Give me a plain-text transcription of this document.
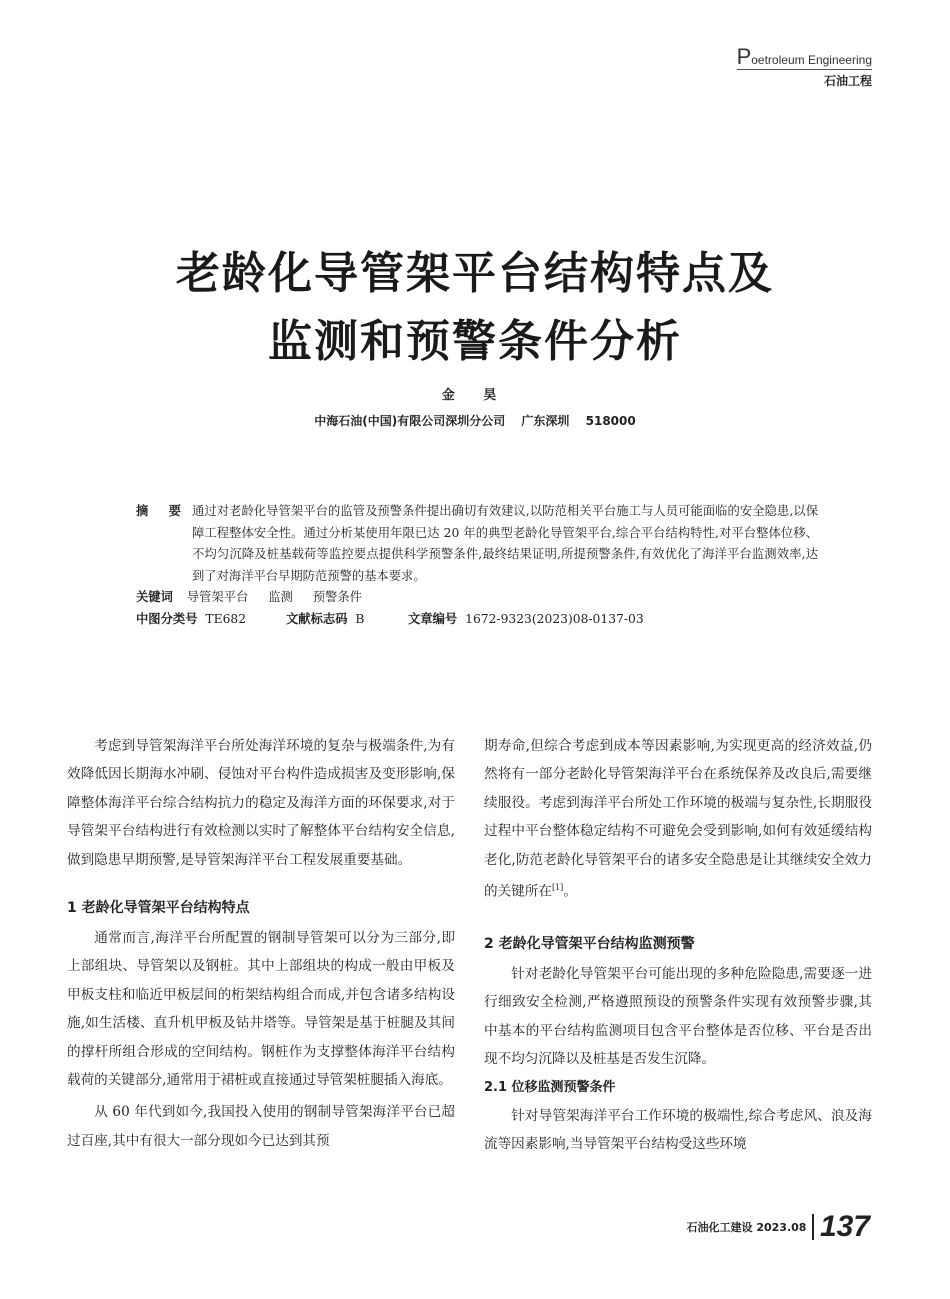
Poetroleum Engineering
石油工程
老龄化导管架平台结构特点及
监测和预警条件分析
金 昊
中海石油(中国)有限公司深圳分公司 广东深圳 518000
摘 要 通过对老龄化导管架平台的监管及预警条件提出确切有效建议,以防范相关平台施工与人员可能面临的安全隐患,以保障工程整体安全性。通过分析某使用年限已达 20 年的典型老龄化导管架平台,综合平台结构特性,对平台整体位移、不均匀沉降及桩基载荷等监控要点提供科学预警条件,最终结果证明,所提预警条件,有效优化了海洋平台监测效率,达到了对海洋平台早期防范预警的基本要求。
关键词 导管架平台 监测 预警条件
中图分类号 TE682	文献标志码 B	文章编号 1672-9323(2023)08-0137-03

考虑到导管架海洋平台所处海洋环境的复杂与极端条件,为有效降低因长期海水冲刷、侵蚀对平台构件造成损害及变形影响,保障整体海洋平台综合结构抗力的稳定及海洋方面的环保要求,对于导管架平台结构进行有效检测以实时了解整体平台结构安全信息,做到隐患早期预警,是导管架海洋平台工程发展重要基础。

1 老龄化导管架平台结构特点

通常而言,海洋平台所配置的钢制导管架可以分为三部分,即上部组块、导管架以及钢桩。其中上部组块的构成一般由甲板及甲板支柱和临近甲板层间的桁架结构组合而成,并包含诸多结构设施,如生活楼、直升机甲板及钻井塔等。导管架是基于桩腿及其间的撑杆所组合形成的空间结构。钢桩作为支撑整体海洋平台结构载荷的关键部分,通常用于裙桩或直接通过导管架桩腿插入海底。

从 60 年代到如今,我国投入使用的钢制导管架海洋平台已超过百座,其中有很大一部分现如今已达到其预

期寿命,但综合考虑到成本等因素影响,为实现更高的经济效益,仍然将有一部分老龄化导管架海洋平台在系统保养及改良后,需要继续服役。考虑到海洋平台所处工作环境的极端与复杂性,长期服役过程中平台整体稳定结构不可避免会受到影响,如何有效延缓结构老化,防范老龄化导管架平台的诸多安全隐患是让其继续安全效力的关键所在[1]。

2 老龄化导管架平台结构监测预警

针对老龄化导管架平台可能出现的多种危险隐患,需要逐一进行细致安全检测,严格遵照预设的预警条件实现有效预警步骤,其中基本的平台结构监测项目包含平台整体是否位移、平台是否出现不均匀沉降以及桩基是否发生沉降。

2.1 位移监测预警条件

针对导管架海洋平台工作环境的极端性,综合考虑风、浪及海流等因素影响,当导管架平台结构受这些环境

石油化工建设 2023.08 137
